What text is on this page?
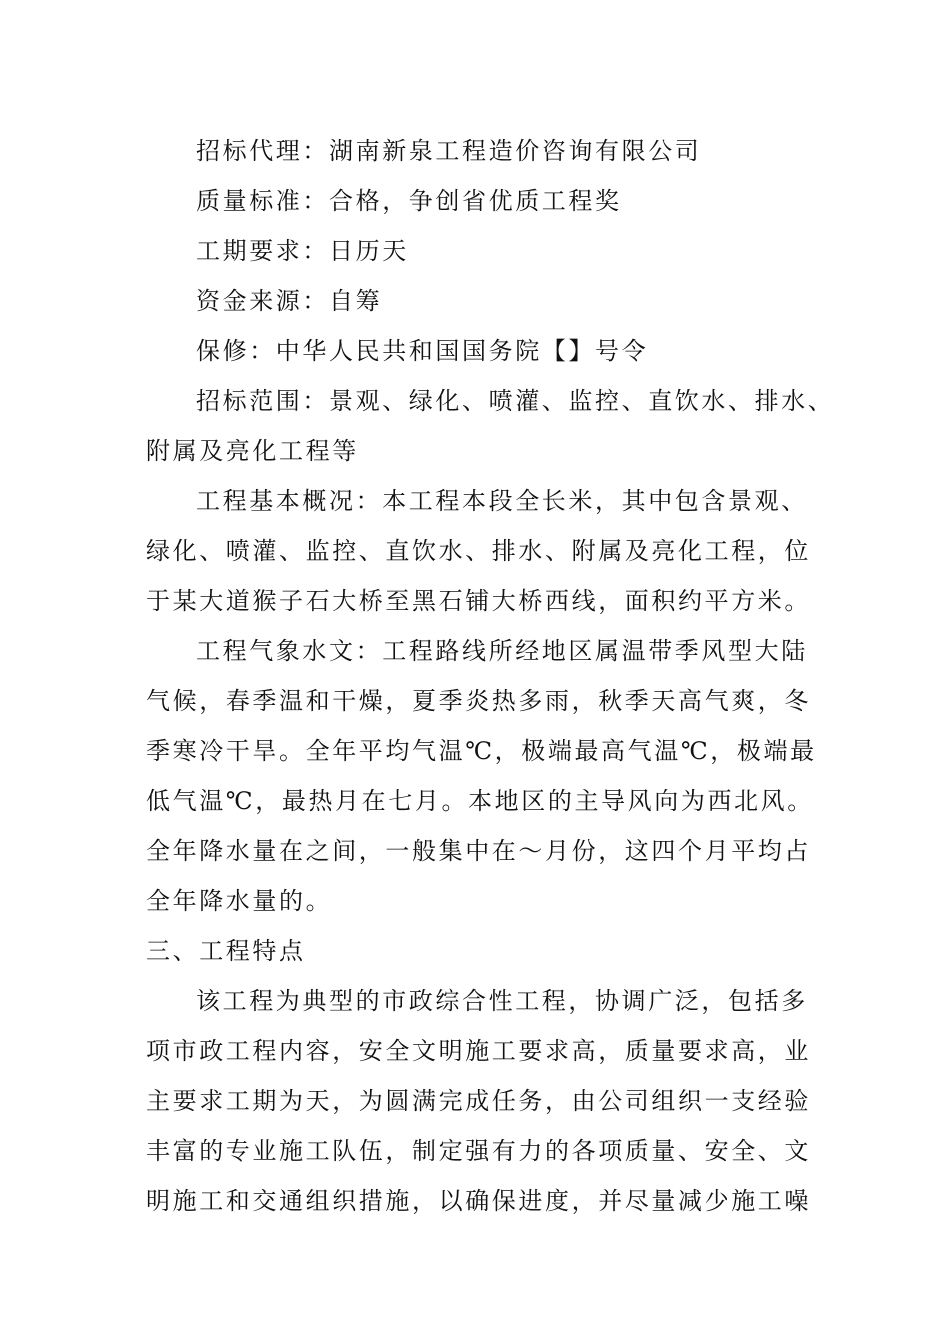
招标代理：湖南新泉工程造价咨询有限公司
质量标准：合格，争创省优质工程奖
工期要求：日历天
资金来源：自筹
保修：中华人民共和国国务院【】号令
招标范围：景观、绿化、喷灌、监控、直饮水、排水、
附属及亮化工程等
工程基本概况：本工程本段全长米，其中包含景观、
绿化、喷灌、监控、直饮水、排水、附属及亮化工程，位
于某大道猴子石大桥至黑石铺大桥西线，面积约平方米。
工程气象水文：工程路线所经地区属温带季风型大陆
气候，春季温和干燥，夏季炎热多雨，秋季天高气爽，冬
季寒冷干旱。全年平均气温℃，极端最高气温℃，极端最
低气温℃，最热月在七月。本地区的主导风向为西北风。
全年降水量在之间，一般集中在～月份，这四个月平均占
全年降水量的。
三、工程特点
该工程为典型的市政综合性工程，协调广泛，包括多
项市政工程内容，安全文明施工要求高，质量要求高，业
主要求工期为天，为圆满完成任务，由公司组织一支经验
丰富的专业施工队伍，制定强有力的各项质量、安全、文
明施工和交通组织措施，以确保进度，并尽量减少施工噪
